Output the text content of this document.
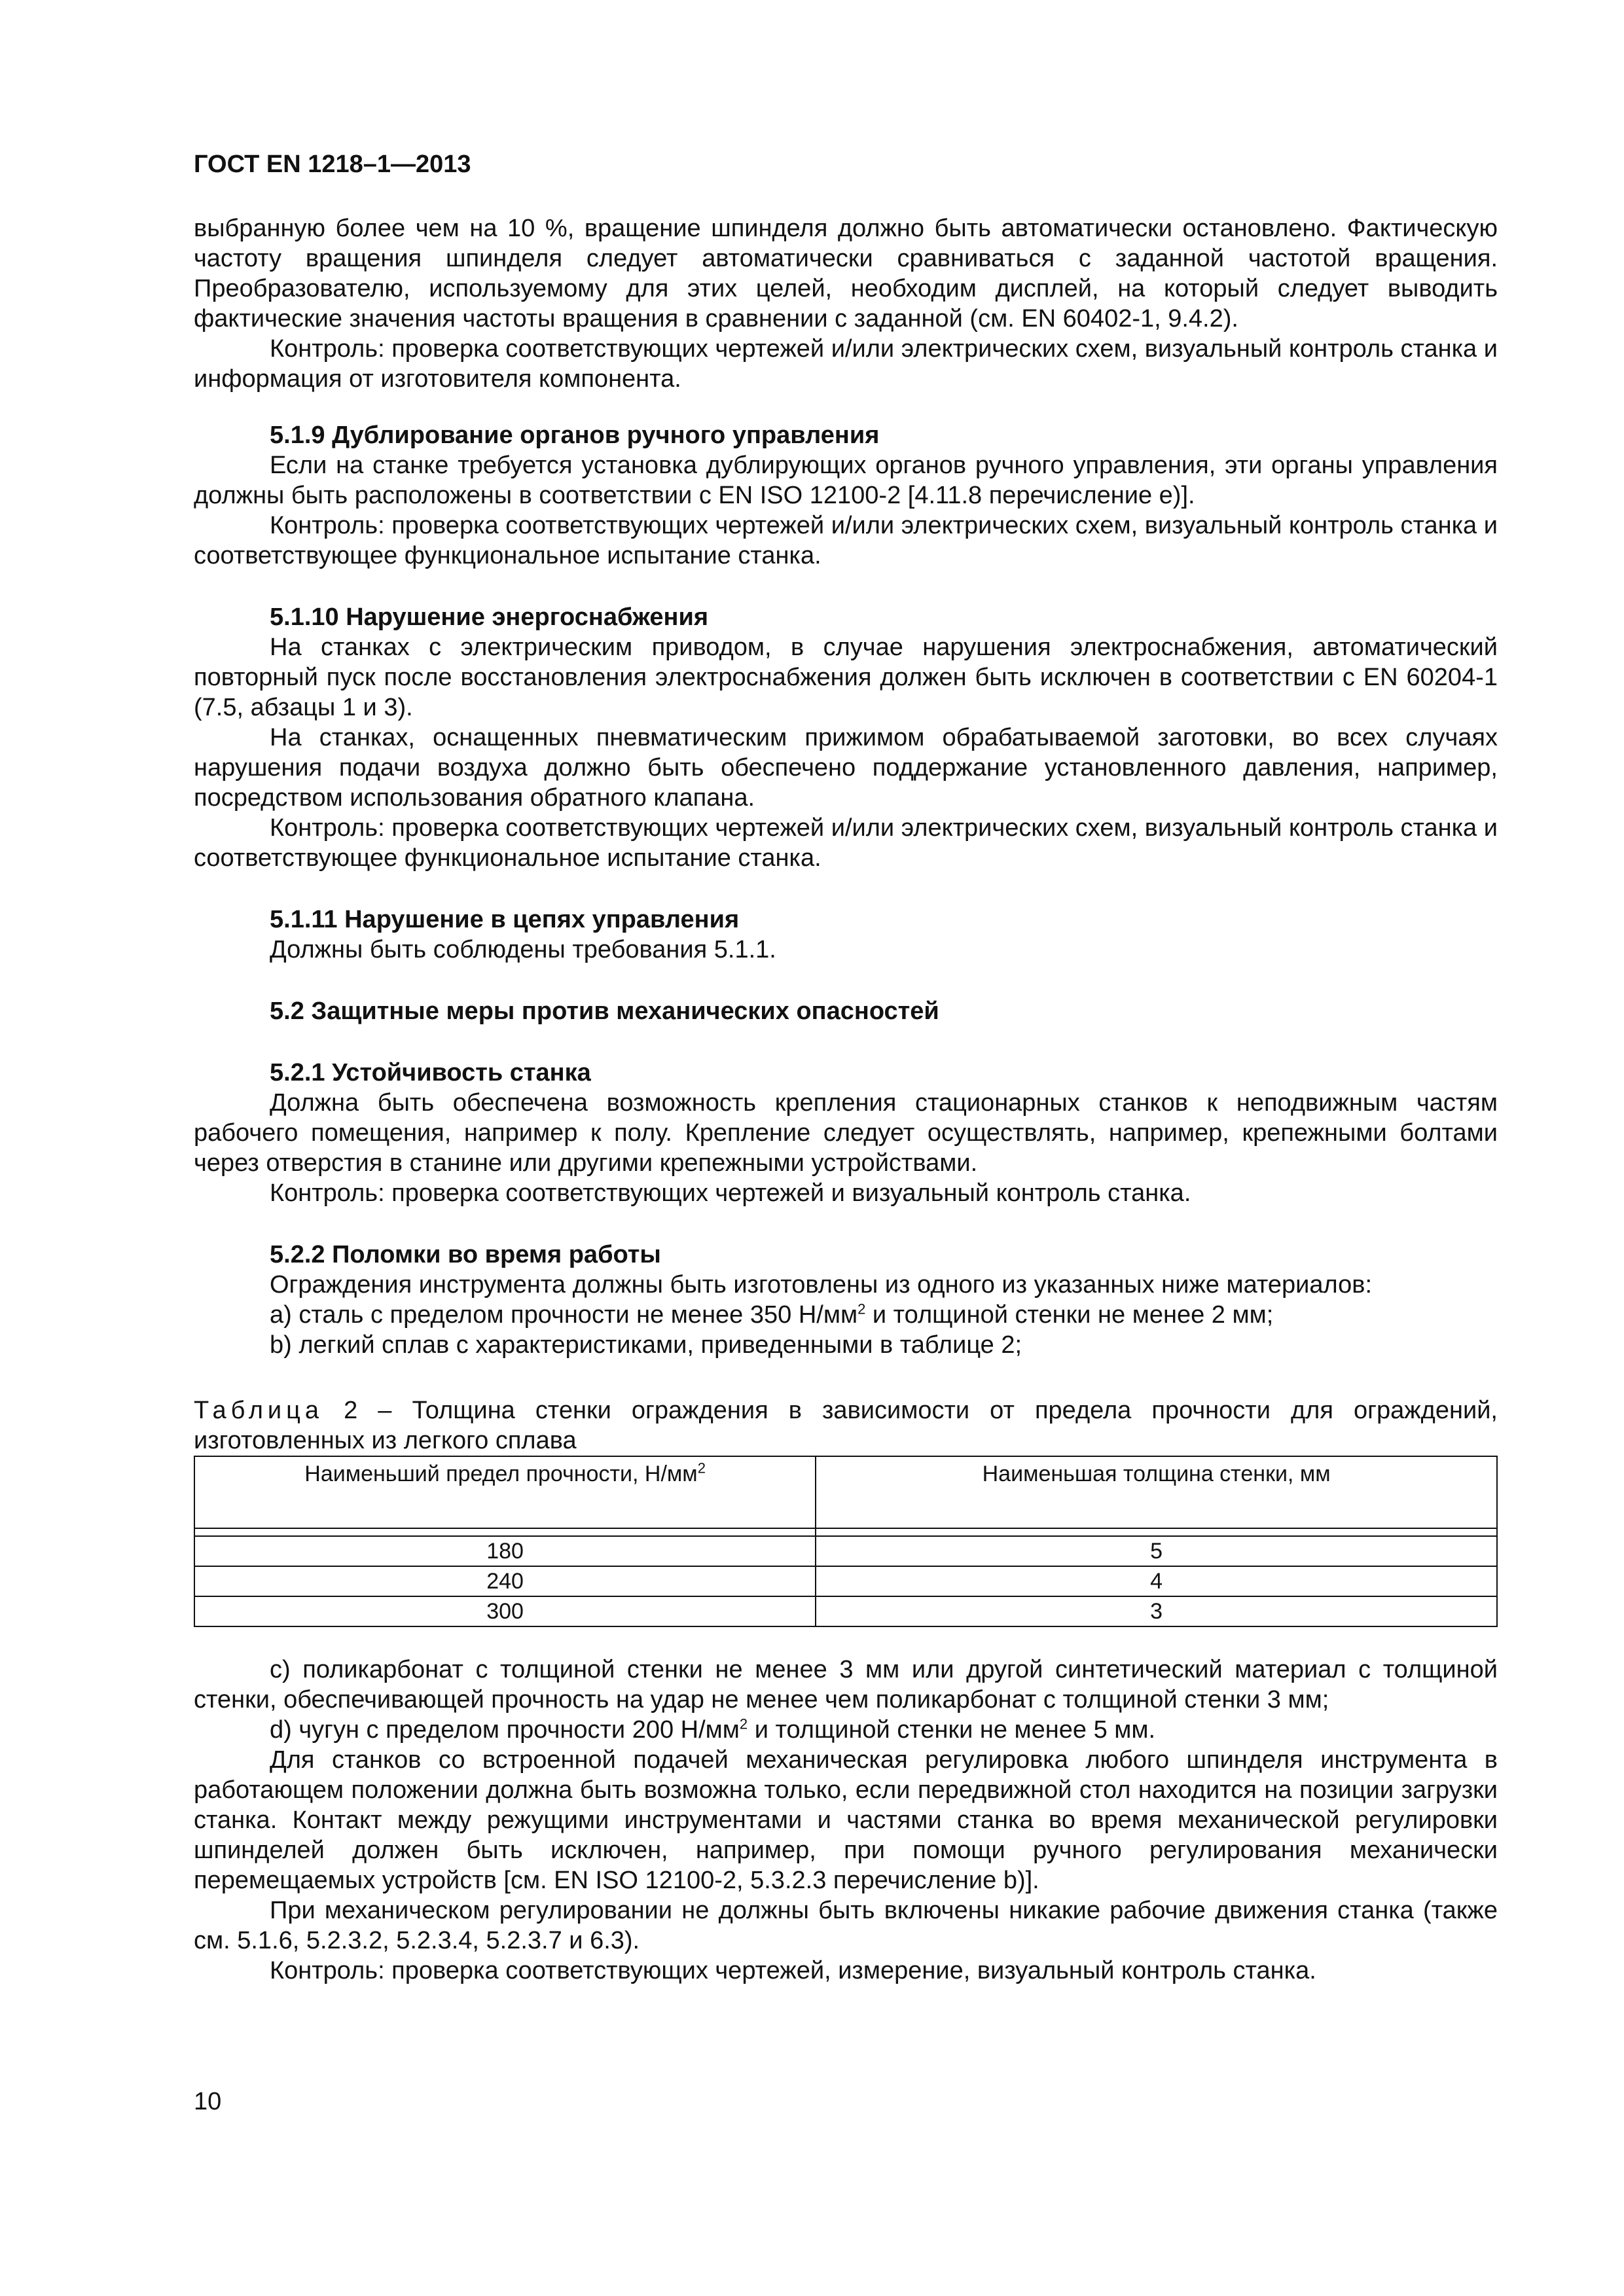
ГОСТ EN 1218–1—2013

выбранную более чем на 10 %, вращение шпинделя должно быть автоматически остановлено. Фактическую частоту вращения шпинделя следует автоматически сравниваться с заданной частотой вращения. Преобразователю, используемому для этих целей, необходим дисплей, на который следует выводить фактические значения частоты вращения в сравнении с заданной (см. EN 60402-1, 9.4.2).

Контроль: проверка соответствующих чертежей и/или электрических схем, визуальный контроль станка и информация от изготовителя компонента.

5.1.9 Дублирование органов ручного управления

Если на станке требуется установка дублирующих органов ручного управления, эти органы управления должны быть расположены в соответствии с EN ISO 12100-2 [4.11.8 перечисление е)].

Контроль: проверка соответствующих чертежей и/или электрических схем, визуальный контроль станка и соответствующее функциональное испытание станка.

5.1.10 Нарушение энергоснабжения

На станках с электрическим приводом, в случае нарушения электроснабжения, автоматический повторный пуск после восстановления электроснабжения должен быть исключен в соответствии с EN 60204-1 (7.5, абзацы 1 и 3).

На станках, оснащенных пневматическим прижимом обрабатываемой заготовки, во всех случаях нарушения подачи воздуха должно быть обеспечено поддержание установленного давления, например, посредством использования обратного клапана.

Контроль: проверка соответствующих чертежей и/или электрических схем, визуальный контроль станка и соответствующее функциональное испытание станка.

5.1.11 Нарушение в цепях управления

Должны быть соблюдены требования 5.1.1.

5.2 Защитные меры против механических опасностей

5.2.1 Устойчивость станка

Должна быть обеспечена возможность крепления стационарных станков к неподвижным частям рабочего помещения, например к полу. Крепление следует осуществлять, например, крепежными болтами через отверстия в станине или другими крепежными устройствами.

Контроль: проверка соответствующих чертежей и визуальный контроль станка.

5.2.2 Поломки во время работы

Ограждения инструмента должны быть изготовлены из одного из указанных ниже материалов:

а) сталь с пределом прочности не менее 350 $Н/мм^2$ и толщиной стенки не менее 2 мм;

b) легкий сплав с характеристиками, приведенными в таблице 2;

Таблица 2 – Толщина стенки ограждения в зависимости от предела прочности для ограждений, изготовленных из легкого сплава

Наименьший предел прочности, $Н/мм^2$	Наименьшая толщина стенки, мм

180	5
240	4
300	3

с) поликарбонат с толщиной стенки не менее 3 мм или другой синтетический материал с толщиной стенки, обеспечивающей прочность на удар не менее чем поликарбонат с толщиной стенки 3 мм;

d) чугун с пределом прочности 200 $Н/мм^2$ и толщиной стенки не менее 5 мм.

Для станков со встроенной подачей механическая регулировка любого шпинделя инструмента в работающем положении должна быть возможна только, если передвижной стол находится на позиции загрузки станка. Контакт между режущими инструментами и частями станка во время механической регулировки шпинделей должен быть исключен, например, при помощи ручного регулирования механически перемещаемых устройств [см. EN ISO 12100-2, 5.3.2.3 перечисление b)].

При механическом регулировании не должны быть включены никакие рабочие движения станка (также см. 5.1.6, 5.2.3.2, 5.2.3.4, 5.2.3.7 и 6.3).

Контроль: проверка соответствующих чертежей, измерение, визуальный контроль станка.

10
